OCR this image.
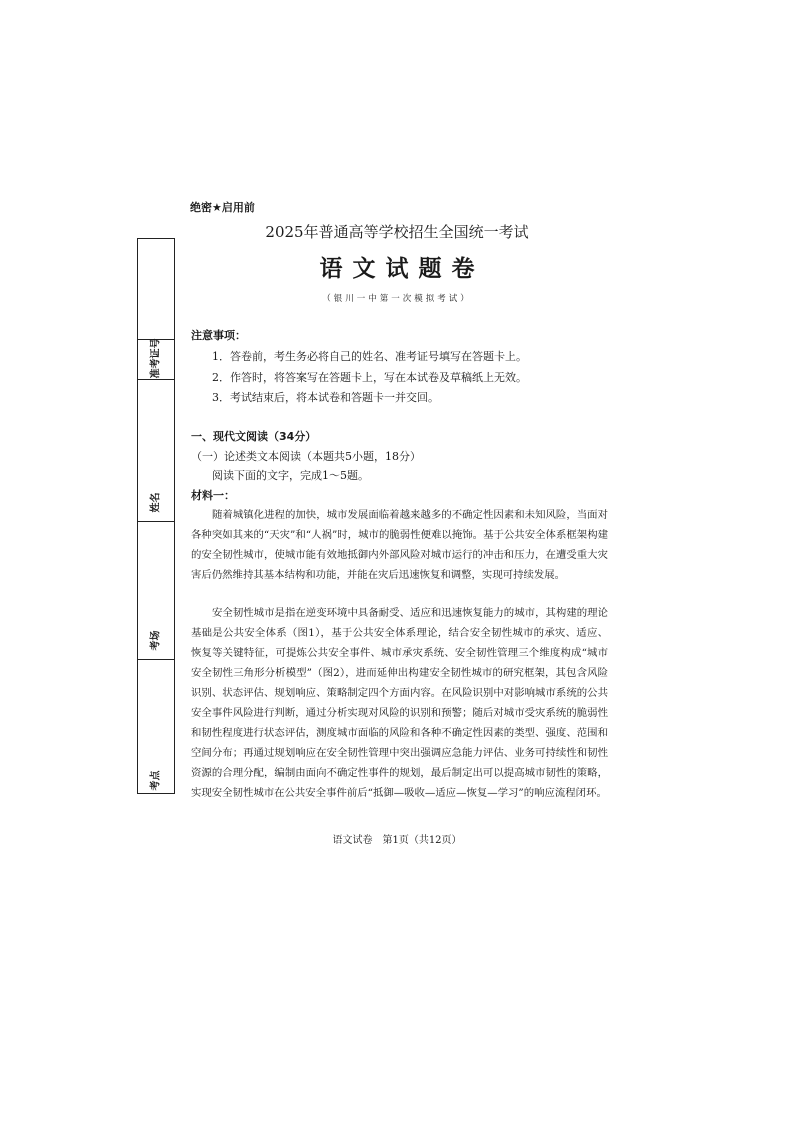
准考证号
姓名
考场
考点
绝密★启用前
2025年普通高等学校招生全国统一考试
语文试题卷
（银川一中第一次模拟考试）
注意事项：
1．答卷前，考生务必将自己的姓名、准考证号填写在答题卡上。
2．作答时，将答案写在答题卡上，写在本试卷及草稿纸上无效。
3．考试结束后，将本试卷和答题卡一并交回。
一、现代文阅读（34分）
（一）论述类文本阅读（本题共5小题，18分）
阅读下面的文字，完成1～5题。
材料一：
随着城镇化进程的加快，城市发展面临着越来越多的不确定性因素和未知风险，当面对各种突如其来的“天灾”和“人祸”时，城市的脆弱性便难以掩饰。基于公共安全体系框架构建的安全韧性城市，使城市能有效地抵御内外部风险对城市运行的冲击和压力，在遭受重大灾害后仍然维持其基本结构和功能，并能在灾后迅速恢复和调整，实现可持续发展。
安全韧性城市是指在逆变环境中具备耐受、适应和迅速恢复能力的城市，其构建的理论基础是公共安全体系（图1），基于公共安全体系理论，结合安全韧性城市的承灾、适应、恢复等关键特征，可提炼公共安全事件、城市承灾系统、安全韧性管理三个维度构成“城市安全韧性三角形分析模型”（图2），进而延伸出构建安全韧性城市的研究框架，其包含风险识别、状态评估、规划响应、策略制定四个方面内容。在风险识别中对影响城市系统的公共安全事件风险进行判断，通过分析实现对风险的识别和预警；随后对城市受灾系统的脆弱性和韧性程度进行状态评估，测度城市面临的风险和各种不确定性因素的类型、强度、范围和空间分布；再通过规划响应在安全韧性管理中突出强调应急能力评估、业务可持续性和韧性资源的合理分配，编制由面向不确定性事件的规划，最后制定出可以提高城市韧性的策略，实现安全韧性城市在公共安全事件前后“抵御—吸收—适应—恢复—学习”的响应流程闭环。
语文试卷　第1页（共12页）
